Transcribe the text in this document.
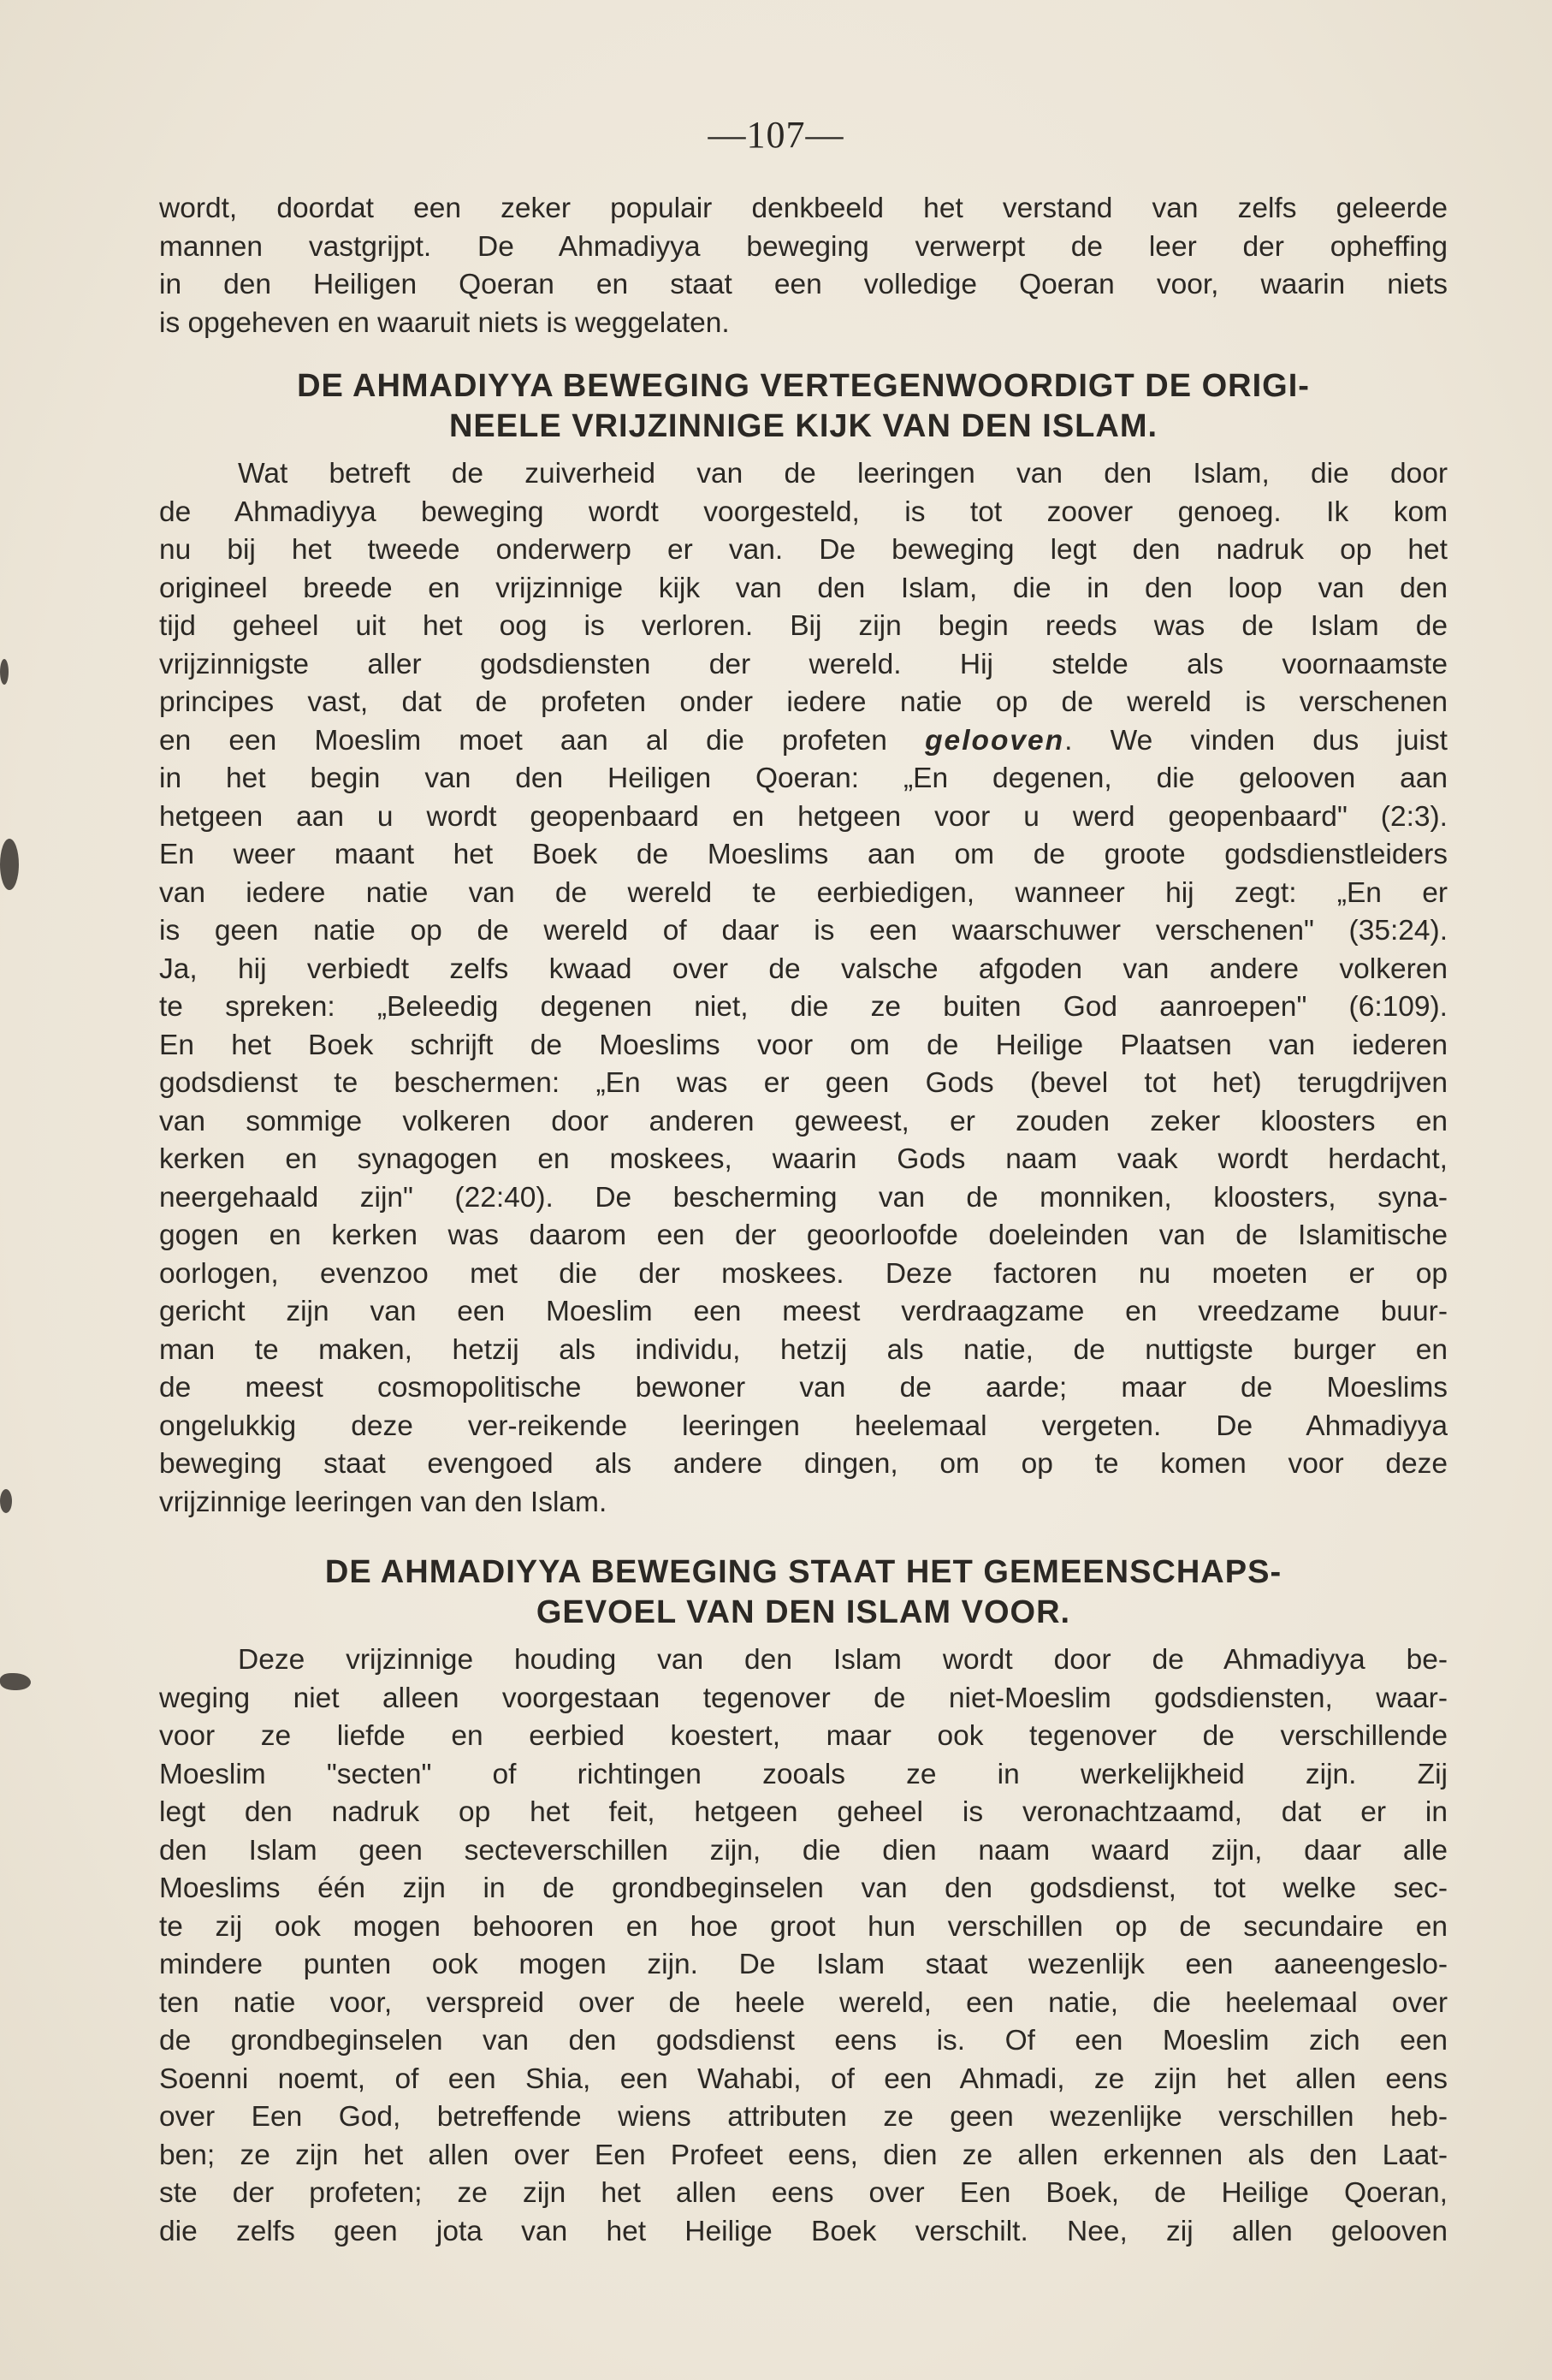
—107—

wordt, doordat een zeker populair denkbeeld het verstand van zelfs geleerde
mannen vastgrijpt. De Ahmadiyya beweging verwerpt de leer der opheffing
in den Heiligen Qoeran en staat een volledige Qoeran voor, waarin niets
is opgeheven en waaruit niets is weggelaten.

DE AHMADIYYA BEWEGING VERTEGENWOORDIGT DE ORIGI-
NEELE VRIJZINNIGE KIJK VAN DEN ISLAM.

Wat betreft de zuiverheid van de leeringen van den Islam, die door
de Ahmadiyya beweging wordt voorgesteld, is tot zoover genoeg. Ik kom
nu bij het tweede onderwerp er van. De beweging legt den nadruk op het
origineel breede en vrijzinnige kijk van den Islam, die in den loop van den
tijd geheel uit het oog is verloren. Bij zijn begin reeds was de Islam de
vrijzinnigste aller godsdiensten der wereld. Hij stelde als voornaamste
principes vast, dat de profeten onder iedere natie op de wereld is verschenen
en een Moeslim moet aan al die profeten gelooven. We vinden dus juist
in het begin van den Heiligen Qoeran: „En degenen, die gelooven aan
hetgeen aan u wordt geopenbaard en hetgeen voor u werd geopenbaard" (2:3).
En weer maant het Boek de Moeslims aan om de groote godsdienstleiders
van iedere natie van de wereld te eerbiedigen, wanneer hij zegt: „En er
is geen natie op de wereld of daar is een waarschuwer verschenen" (35:24).
Ja, hij verbiedt zelfs kwaad over de valsche afgoden van andere volkeren
te spreken: „Beleedig degenen niet, die ze buiten God aanroepen" (6:109).
En het Boek schrijft de Moeslims voor om de Heilige Plaatsen van iederen
godsdienst te beschermen: „En was er geen Gods (bevel tot het) terugdrijven
van sommige volkeren door anderen geweest, er zouden zeker kloosters en
kerken en synagogen en moskees, waarin Gods naam vaak wordt herdacht,
neergehaald zijn" (22:40). De bescherming van de monniken, kloosters, syna-
gogen en kerken was daarom een der geoorloofde doeleinden van de Islamitische
oorlogen, evenzoo met die der moskees. Deze factoren nu moeten er op
gericht zijn van een Moeslim een meest verdraagzame en vreedzame buur-
man te maken, hetzij als individu, hetzij als natie, de nuttigste burger en
de meest cosmopolitische bewoner van de aarde; maar de Moeslims
ongelukkig deze ver-reikende leeringen heelemaal vergeten. De Ahmadiyya
beweging staat evengoed als andere dingen, om op te komen voor deze
vrijzinnige leeringen van den Islam.

DE AHMADIYYA BEWEGING STAAT HET GEMEENSCHAPS-
GEVOEL VAN DEN ISLAM VOOR.

Deze vrijzinnige houding van den Islam wordt door de Ahmadiyya be-
weging niet alleen voorgestaan tegenover de niet-Moeslim godsdiensten, waar-
voor ze liefde en eerbied koestert, maar ook tegenover de verschillende
Moeslim "secten" of richtingen zooals ze in werkelijkheid zijn. Zij
legt den nadruk op het feit, hetgeen geheel is veronachtzaamd, dat er in
den Islam geen secteverschillen zijn, die dien naam waard zijn, daar alle
Moeslims één zijn in de grondbeginselen van den godsdienst, tot welke sec-
te zij ook mogen behooren en hoe groot hun verschillen op de secundaire en
mindere punten ook mogen zijn. De Islam staat wezenlijk een aaneengeslo-
ten natie voor, verspreid over de heele wereld, een natie, die heelemaal over
de grondbeginselen van den godsdienst eens is. Of een Moeslim zich een
Soenni noemt, of een Shia, een Wahabi, of een Ahmadi, ze zijn het allen eens
over Een God, betreffende wiens attributen ze geen wezenlijke verschillen heb-
ben; ze zijn het allen over Een Profeet eens, dien ze allen erkennen als den Laat-
ste der profeten; ze zijn het allen eens over Een Boek, de Heilige Qoeran,
die zelfs geen jota van het Heilige Boek verschilt. Nee, zij allen gelooven
